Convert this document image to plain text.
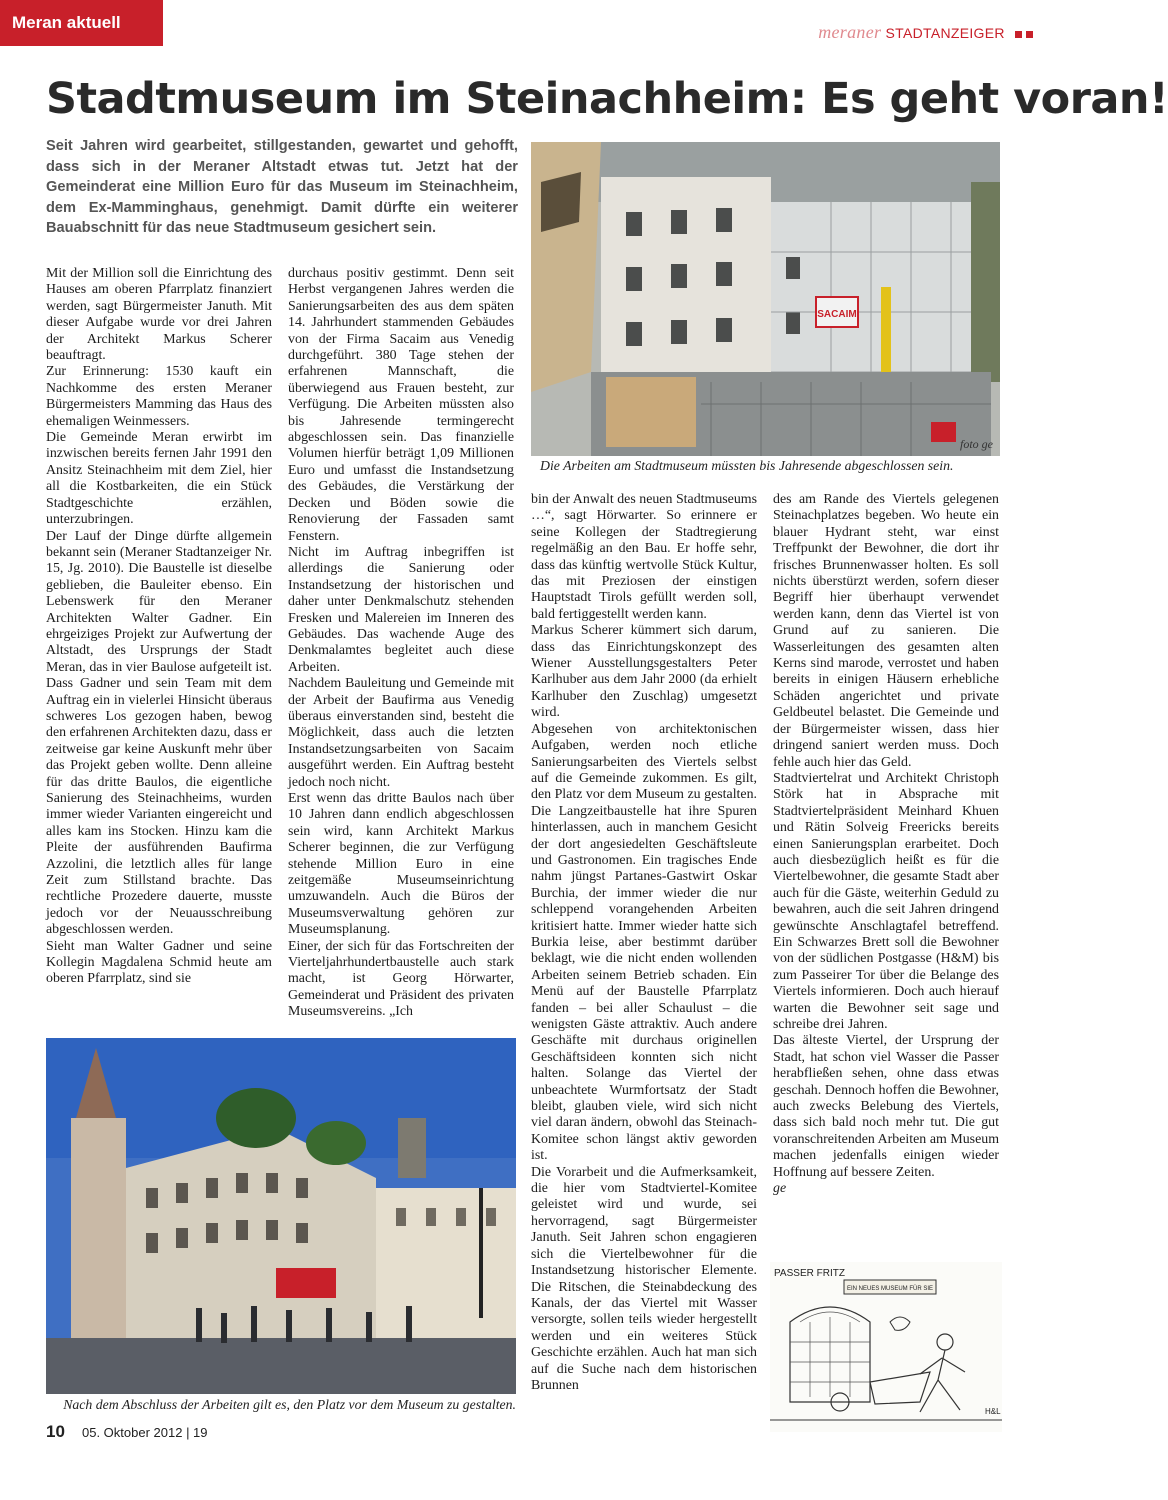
Meran aktuell	meraner STADTANZEIGER
Stadtmuseum im Steinachheim: Es geht voran!

Seit Jahren wird gearbeitet, stillgestanden, gewartet und gehofft, dass sich in der Meraner Altstadt etwas tut. Jetzt hat der Gemeinderat eine Million Euro für das Museum im Steinachheim, dem Ex-Mamminghaus, genehmigt. Damit dürfte ein weiterer Bauabschnitt für das neue Stadtmuseum gesichert sein.

SACAIM
foto ge
Die Arbeiten am Stadtmuseum müssten bis Jahresende abgeschlossen sein.

Mit der Million soll die Einrichtung des Hauses am oberen Pfarrplatz finanziert werden, sagt Bürgermeister Januth. Mit dieser Aufgabe wurde vor drei Jahren der Architekt Markus Scherer beauftragt.

Zur Erinnerung: 1530 kauft ein Nachkomme des ersten Meraner Bürgermeisters Mamming das Haus des ehemaligen Weinmessers.

Die Gemeinde Meran erwirbt im inzwischen bereits fernen Jahr 1991 den Ansitz Steinachheim mit dem Ziel, hier all die Kostbarkeiten, die ein Stück Stadtgeschichte erzählen, unterzubringen.

Der Lauf der Dinge dürfte allgemein bekannt sein (Meraner Stadtanzeiger Nr. 15, Jg. 2010). Die Baustelle ist dieselbe geblieben, die Bauleiter ebenso. Ein Lebenswerk für den Meraner Architekten Walter Gadner. Ein ehrgeiziges Projekt zur Aufwertung der Altstadt, des Ursprungs der Stadt Meran, das in vier Baulose aufgeteilt ist. Dass Gadner und sein Team mit dem Auftrag ein in vielerlei Hinsicht überaus schweres Los gezogen haben, bewog den erfahrenen Architekten dazu, dass er zeitweise gar keine Auskunft mehr über das Projekt geben wollte. Denn alleine für das dritte Baulos, die eigentliche Sanierung des Steinachheims, wurden immer wieder Varianten eingereicht und alles kam ins Stocken. Hinzu kam die Pleite der ausführenden Baufirma Azzolini, die letztlich alles für lange Zeit zum Stillstand brachte. Das rechtliche Prozedere dauerte, musste jedoch vor der Neuausschreibung abgeschlossen werden.

Sieht man Walter Gadner und seine Kollegin Magdalena Schmid heute am oberen Pfarrplatz, sind sie

durchaus positiv gestimmt. Denn seit Herbst vergangenen Jahres werden die Sanierungsarbeiten des aus dem späten 14. Jahrhundert stammenden Gebäudes von der Firma Sacaim aus Venedig durchgeführt. 380 Tage stehen der erfahrenen Mannschaft, die überwiegend aus Frauen besteht, zur Verfügung. Die Arbeiten müssten also bis Jahresende termingerecht abgeschlossen sein. Das finanzielle Volumen hierfür beträgt 1,09 Millionen Euro und umfasst die Instandsetzung des Gebäudes, die Verstärkung der Decken und Böden sowie die Renovierung der Fassaden samt Fenstern.

Nicht im Auftrag inbegriffen ist allerdings die Sanierung oder Instandsetzung der historischen und daher unter Denkmalschutz stehenden Fresken und Malereien im Inneren des Gebäudes. Das wachende Auge des Denkmalamtes begleitet auch diese Arbeiten.

Nachdem Bauleitung und Gemeinde mit der Arbeit der Baufirma aus Venedig überaus einverstanden sind, besteht die Möglichkeit, dass auch die letzten Instandsetzungsarbeiten von Sacaim ausgeführt werden. Ein Auftrag besteht jedoch noch nicht.

Erst wenn das dritte Baulos nach über 10 Jahren dann endlich abgeschlossen sein wird, kann Architekt Markus Scherer beginnen, die zur Verfügung stehende Million Euro in eine zeitgemäße Museumseinrichtung umzuwandeln. Auch die Büros der Museumsverwaltung gehören zur Museumsplanung.

Einer, der sich für das Fortschreiten der Vierteljahrhundertbaustelle auch stark macht, ist Georg Hörwarter, Gemeinderat und Präsident des privaten Museumsvereins. „Ich

Nach dem Abschluss der Arbeiten gilt es, den Platz vor dem Museum zu gestalten.

bin der Anwalt des neuen Stadtmuseums …“, sagt Hörwarter. So erinnere er seine Kollegen der Stadtregierung regelmäßig an den Bau. Er hoffe sehr, dass das künftig wertvolle Stück Kultur, das mit Preziosen der einstigen Hauptstadt Tirols gefüllt werden soll, bald fertiggestellt werden kann.

Markus Scherer kümmert sich darum, dass das Einrichtungskonzept des Wiener Ausstellungsgestalters Peter Karlhuber aus dem Jahr 2000 (da erhielt Karlhuber den Zuschlag) umgesetzt wird.

Abgesehen von architektonischen Aufgaben, werden noch etliche Sanierungsarbeiten des Viertels selbst auf die Gemeinde zukommen. Es gilt, den Platz vor dem Museum zu gestalten. Die Langzeitbaustelle hat ihre Spuren hinterlassen, auch in manchem Gesicht der dort angesiedelten Geschäftsleute und Gastronomen. Ein tragisches Ende nahm jüngst Partanes-Gastwirt Oskar Burchia, der immer wieder die nur schleppend vorangehenden Arbeiten kritisiert hatte. Immer wieder hatte sich Burkia leise, aber bestimmt darüber beklagt, wie die nicht enden wollenden Arbeiten seinem Betrieb schaden. Ein Menü auf der Baustelle Pfarrplatz fanden – bei aller Schaulust – die wenigsten Gäste attraktiv. Auch andere Geschäfte mit durchaus originellen Geschäftsideen konnten sich nicht halten. Solange das Viertel der unbeachtete Wurmfortsatz der Stadt bleibt, glauben viele, wird sich nicht viel daran ändern, obwohl das Steinach-Komitee schon längst aktiv geworden ist.

Die Vorarbeit und die Aufmerksamkeit, die hier vom Stadtviertel-Komitee geleistet wird und wurde, sei hervorragend, sagt Bürgermeister Januth. Seit Jahren schon engagieren sich die Viertelbewohner für die Instandsetzung historischer Elemente. Die Ritschen, die Steinabdeckung des Kanals, der das Viertel mit Wasser versorgte, sollen teils wieder hergestellt werden und ein weiteres Stück Geschichte erzählen. Auch hat man sich auf die Suche nach dem historischen Brunnen

des am Rande des Viertels gelegenen Steinachplatzes begeben. Wo heute ein blauer Hydrant steht, war einst Treffpunkt der Bewohner, die dort ihr frisches Brunnenwasser holten. Es soll nichts überstürzt werden, sofern dieser Begriff hier überhaupt verwendet werden kann, denn das Viertel ist von Grund auf zu sanieren. Die Wasserleitungen des gesamten alten Kerns sind marode, verrostet und haben bereits in einigen Häusern erhebliche Schäden angerichtet und private Geldbeutel belastet. Die Gemeinde und der Bürgermeister wissen, dass hier dringend saniert werden muss. Doch fehle auch hier das Geld.

Stadtviertelrat und Architekt Christoph Störk hat in Absprache mit Stadtviertelpräsident Meinhard Khuen und Rätin Solveig Freericks bereits einen Sanierungsplan erarbeitet. Doch auch diesbezüglich heißt es für die Viertelbewohner, die gesamte Stadt aber auch für die Gäste, weiterhin Geduld zu bewahren, auch die seit Jahren dringend gewünschte Anschlagtafel betreffend. Ein Schwarzes Brett soll die Bewohner von der südlichen Postgasse (H&M) bis zum Passeirer Tor über die Belange des Viertels informieren. Doch auch hierauf warten die Bewohner seit sage und schreibe drei Jahren.

Das älteste Viertel, der Ursprung der Stadt, hat schon viel Wasser die Passer herabfließen sehen, ohne dass etwas geschah. Dennoch hoffen die Bewohner, auch zwecks Belebung des Viertels, dass sich bald noch mehr tut. Die gut voranschreitenden Arbeiten am Museum machen jedenfalls einigen wieder Hoffnung auf bessere Zeiten.

ge

PASSER FRITZ
EIN NEUES MUSEUM FÜR SIE
H&L
10 05. Oktober 2012 | 19
